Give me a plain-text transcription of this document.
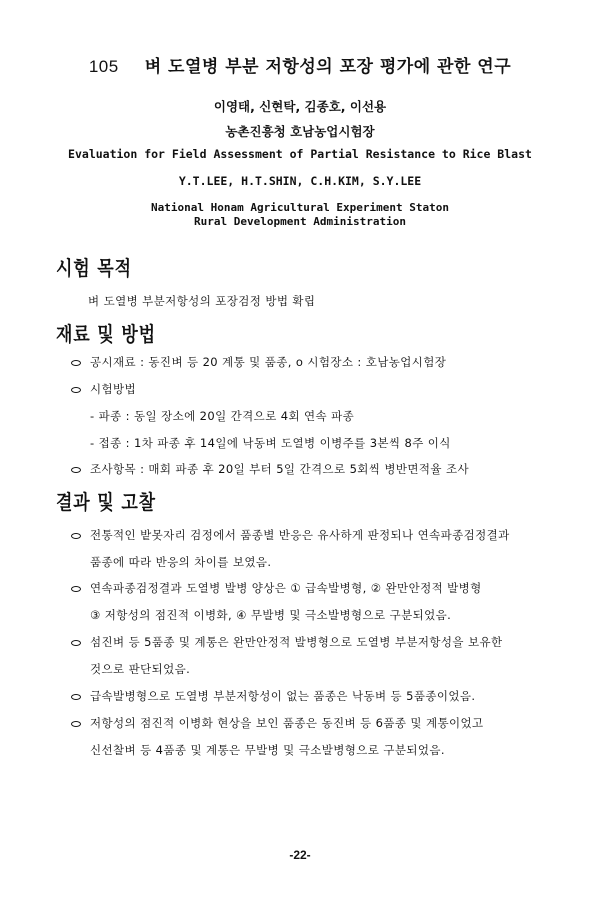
105 벼 도열병 부분 저항성의 포장 평가에 관한 연구
이영태, 신현탁, 김종호, 이선용
농촌진흥청 호남농업시험장
Evaluation for Field Assessment of Partial Resistance to Rice Blast
Y.T.LEE, H.T.SHIN, C.H.KIM, S.Y.LEE
National Honam Agricultural Experiment Staton
Rural Development Administration
시험 목적
벼 도열병 부분저항성의 포장검정 방법 확립
재료 및 방법
공시재료 : 동진벼 등 20 계통 및 품종, ο 시험장소 : 호남농업시험장
시험방법
- 파종 : 동일 장소에 20일 간격으로 4회 연속 파종
- 접종 : 1차 파종 후 14일에 낙동벼 도열병 이병주를 3본씩 8주 이식
조사항목 : 매회 파종 후 20일 부터 5일 간격으로 5회씩 병반면적율 조사
결과 및 고찰
전통적인 밭못자리 검정에서 품종별 반응은 유사하게 판정되나 연속파종검정결과
품종에 따라 반응의 차이를 보였음.
연속파종검정결과 도열병 발병 양상은 ① 급속발병형, ② 완만안정적 발병형
③ 저항성의 점진적 이병화, ④ 무발병 및 극소발병형으로 구분되었음.
섬진벼 등 5품종 및 계통은 완만안정적 발병형으로 도열병 부분저항성을 보유한
것으로 판단되었음.
급속발병형으로 도열병 부분저항성이 없는 품종은 낙동벼 등 5품종이었음.
저항성의 점진적 이병화 현상을 보인 품종은 동진벼 등 6품종 및 계통이었고
신선찰벼 등 4품종 및 계통은 무발병 및 극소발병형으로 구분되었음.
-22-
